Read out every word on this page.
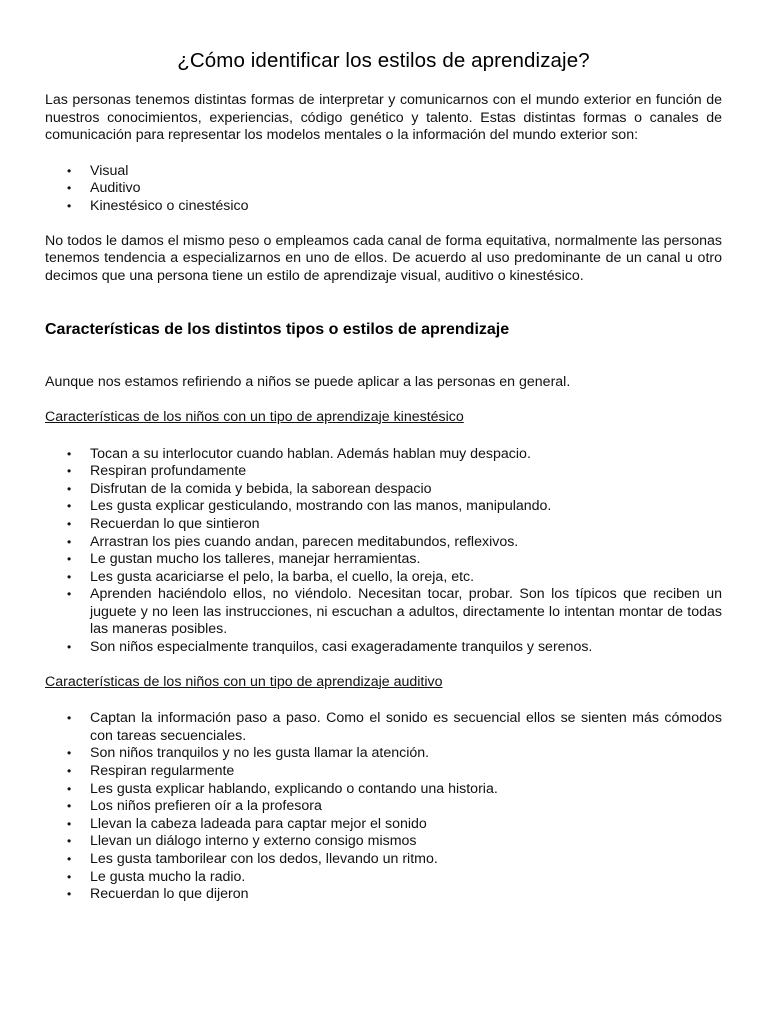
¿Cómo identificar los estilos de aprendizaje?

Las personas tenemos distintas formas de interpretar y comunicarnos con el mundo exterior en función de nuestros conocimientos, experiencias, código genético y talento. Estas distintas formas o canales de comunicación para representar los modelos mentales o la información del mundo exterior son:

• Visual
• Auditivo
• Kinestésico o cinestésico

No todos le damos el mismo peso o empleamos cada canal de forma equitativa, normalmente las personas tenemos tendencia a especializarnos en uno de ellos. De acuerdo al uso predominante de un canal u otro decimos que una persona tiene un estilo de aprendizaje visual, auditivo o kinestésico.

Características de los distintos tipos o estilos de aprendizaje

Aunque nos estamos refiriendo a niños se puede aplicar a las personas en general.

Características de los niños con un tipo de aprendizaje kinestésico

• Tocan a su interlocutor cuando hablan. Además hablan muy despacio.
• Respiran profundamente
• Disfrutan de la comida y bebida, la saborean despacio
• Les gusta explicar gesticulando, mostrando con las manos, manipulando.
• Recuerdan lo que sintieron
• Arrastran los pies cuando andan, parecen meditabundos, reflexivos.
• Le gustan mucho los talleres, manejar herramientas.
• Les gusta acariciarse el pelo, la barba, el cuello, la oreja, etc.
• Aprenden haciéndolo ellos, no viéndolo. Necesitan tocar, probar. Son los típicos que reciben un juguete y no leen las instrucciones, ni escuchan a adultos, directamente lo intentan montar de todas las maneras posibles.
• Son niños especialmente tranquilos, casi exageradamente tranquilos y serenos.

Características de los niños con un tipo de aprendizaje auditivo

• Captan la información paso a paso. Como el sonido es secuencial ellos se sienten más cómodos con tareas secuenciales.
• Son niños tranquilos y no les gusta llamar la atención.
• Respiran regularmente
• Les gusta explicar hablando, explicando o contando una historia.
• Los niños prefieren oír a la profesora
• Llevan la cabeza ladeada para captar mejor el sonido
• Llevan un diálogo interno y externo consigo mismos
• Les gusta tamborilear con los dedos, llevando un ritmo.
• Le gusta mucho la radio.
• Recuerdan lo que dijeron
